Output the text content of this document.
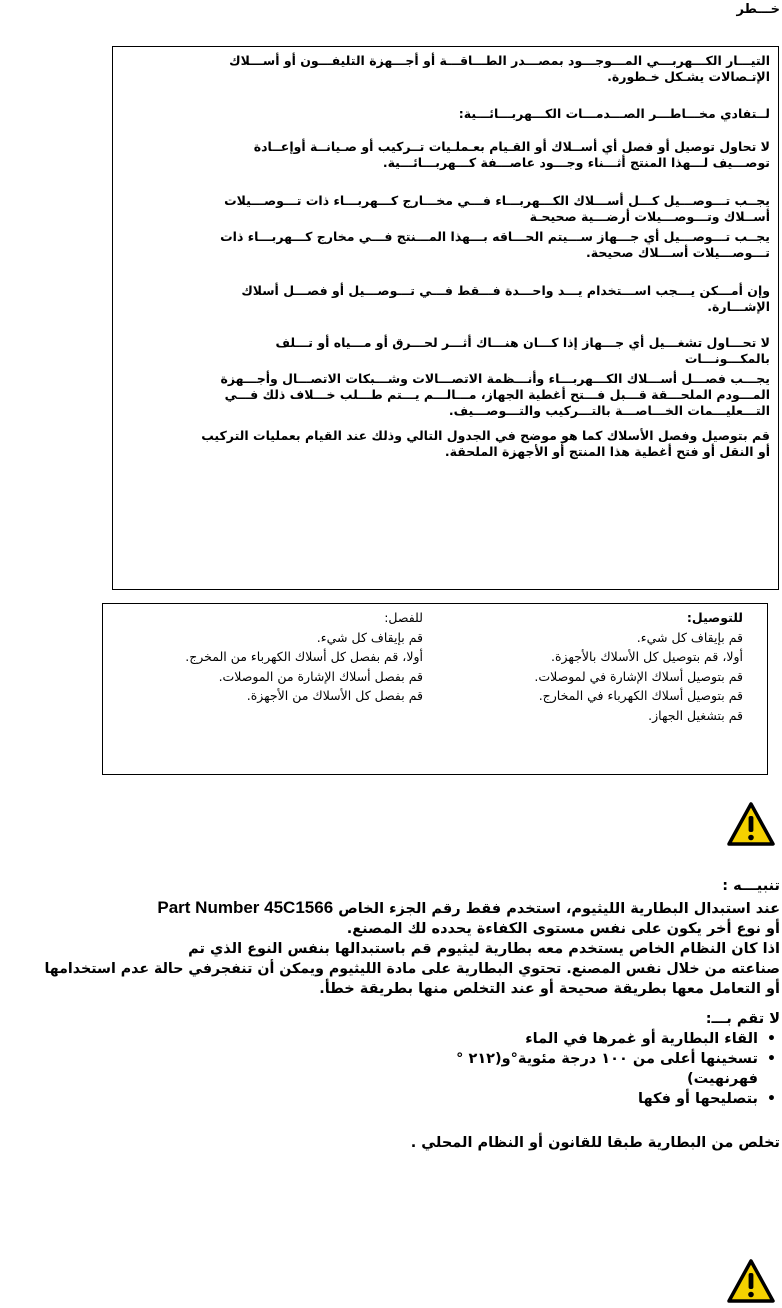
خـــطر
التيـــار الكـــهربـــي المـــوجـــود بمصـــدر الطـــاقـــة أو أجـــهزة التليفـــون أو أســـلاك
الإتـصالات يشـكل خـطورة.
لــتفادي مخـــاطـــر الصـــدمـــات الكـــهربـــائـــية:
لا تحاول توصيل أو فصل أي أســلاك أو القـيام بعـملـيات تــركيب أو صـيانــة أوإعــادة
توصـــيف لـــهذا المنتج أثـــناء وجـــود عاصـــفة كـــهربـــائـــية.
يجــب تـــوصـــيل كـــل أســـلاك الكـــهربـــاء فـــي مخـــارج كـــهربـــاء ذات تـــوصـــيلات
أســلاك وتـــوصـــيلات أرضـــية صحيحـة
يجــب تـــوصـــيل أي جـــهاز ســـيتم الحـــاقه بـــهذا المـــنتج فـــي مخارج كـــهربـــاء ذات
تـــوصـــيلات أســـلاك صحيحة.
وإن أمـــكن يـــجب اســـتخدام يـــد واحـــدة فـــقط فـــي تـــوصـــيل أو فصـــل أسلاك
الإشـــارة.
لا تحـــاول تشغـــيل أي جـــهاز إذا كـــان هنـــاك أثـــر لحـــرق أو مـــياه أو تـــلف
بالمكـــونـــات
يجـــب فصـــل أســـلاك الكـــهربـــاء وأنـــظمة الاتصـــالات وشـــبكات الاتصـــال وأجـــهزة
المـــودم الملحـــقة قـــبل فـــتح أغطية الجهاز، مـــالـــم يـــتم طـــلب خـــلاف ذلك فـــي
التـــعليـــمات الخـــاصـــة بالتـــركيب والتـــوصـــيف.
قم بتوصيل وفصل الأسلاك كما هو موضح في الجدول التالي وذلك عند القيام بعمليات التركيب
أو النقل أو فتح أغطية هذا المنتج أو الأجهزة الملحقة.
للتوصيل:
قم بإيقاف كل شيء.
أولا، قم بتوصيل كل الأسلاك بالأجهزة.
قم بتوصيل أسلاك الإشارة في لموصلات.
قم بتوصيل أسلاك الكهرباء في المخارج.
قم بتشغيل الجهاز.
للفصل:
قم بإيقاف كل شيء.
أولا، قم بفصل كل أسلاك الكهرباء من المخرج.
قم بفصل أسلاك الإشارة من الموصلات.
قم بفصل كل الأسلاك من الأجهزة.
تنبيـــه :
عند استبدال البطارية الليثيوم، استخدم فقط رقم الجزء الخاص Part Number 45C1566
أو نوع أخر يكون على نفس مستوى الكفاءة يحدده لك المصنع.
اذا كان النظام الخاص يستخدم معه بطارية ليثيوم قم باستبدالها بنفس النوع الذي تم
صناعته من خلال نفس المصنع. تحتوي البطارية على مادة الليثيوم ويمكن أن تنفجرفي حالة عدم استخدامها
أو التعامل معها بطريقة صحيحة أو عند التخلص منها بطريقة خطأ.
لا تقم بـــ:
•
القاء البطارية أو غمرها في الماء
•
تسخينها أعلى من ١٠٠ درجة مئوية°و(٢١٢ °
فهرنهيت)
•
بتصليحها أو فكها
تخلص من البطارية طبقا للقانون أو النظام المحلي .
